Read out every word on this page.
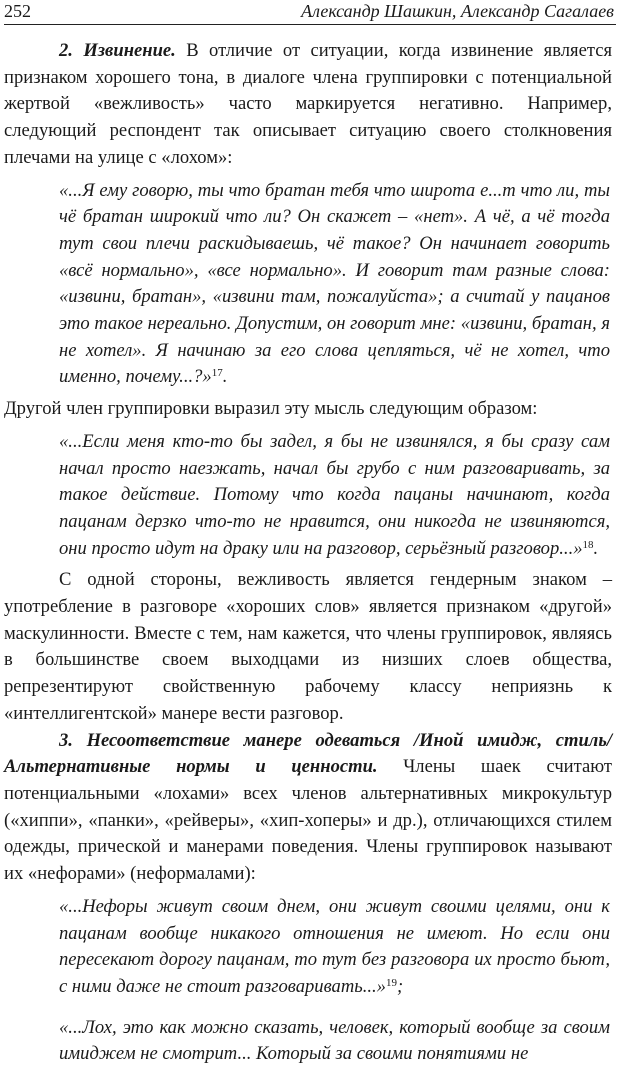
252	Александр Шашкин, Александр Сагалаев

2. Извинение. В отличие от ситуации, когда извинение является признаком хорошего тона, в диалоге члена группировки с потенциальной жертвой «вежливость» часто маркируется негативно. Например, следующий респондент так описывает ситуацию своего столкновения плечами на улице с «лохом»:

«...Я ему говорю, ты что братан тебя что широта е...т что ли, ты чё братан широкий что ли? Он скажет – «нет». А чё, а чё тогда тут свои плечи раскидываешь, чё такое? Он начинает говорить «всё нормально», «все нормально». И говорит там разные слова: «извини, братан», «извини там, пожалуйста»; а считай у пацанов это такое нереально. Допустим, он говорит мне: «извини, братан, я не хотел». Я начинаю за его слова цепляться, чё не хотел, что именно, почему...?»$^{17}$.

Другой член группировки выразил эту мысль следующим образом:

«...Если меня кто-то бы задел, я бы не извинялся, я бы сразу сам начал просто наезжать, начал бы грубо с ним разговаривать, за такое действие. Потому что когда пацаны начинают, когда пацанам дерзко что-то не нравится, они никогда не извиняются, они просто идут на драку или на разговор, серьёзный разговор...»$^{18}$.

С одной стороны, вежливость является гендерным знаком – употребление в разговоре «хороших слов» является признаком «другой» маскулинности. Вместе с тем, нам кажется, что члены группировок, являясь в большинстве своем выходцами из низших слоев общества, репрезентируют свойственную рабочему классу неприязнь к «интеллигентской» манере вести разговор.

3. Несоответствие манере одеваться /Иной имидж, стиль/ Альтернативные нормы и ценности. Члены шаек считают потенциальными «лохами» всех членов альтернативных микрокультур («хиппи», «панки», «рейверы», «хип-хоперы» и др.), отличающихся стилем одежды, прической и манерами поведения. Члены группировок называют их «нефорами» (неформалами):

«...Нефоры живут своим днем, они живут своими целями, они к пацанам вообще никакого отношения не имеют. Но если они пересекают дорогу пацанам, то тут без разговора их просто бьют, с ними даже не стоит разговаривать...»$^{19}$;

«...Лох, это как можно сказать, человек, который вообще за своим имиджем не смотрит... Который за своими понятиями не
